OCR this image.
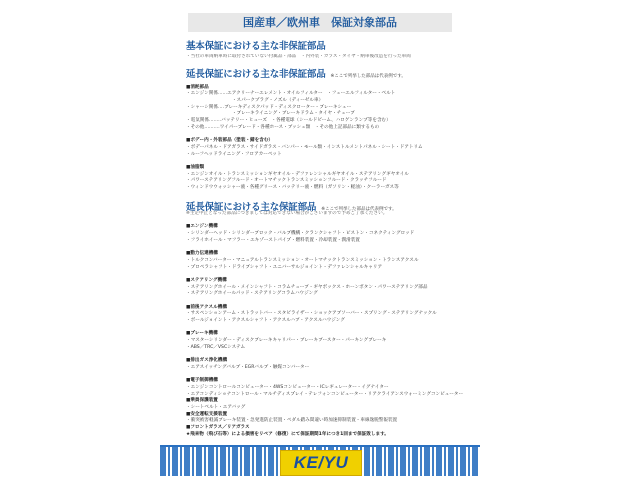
国産車／欧州車　保証対象部品
基本保証における主な非保証部品
・当社の車両納車時に取付されていない付属品・部品　・内外装・ガラス・タイヤ・納車後改造を行った車両
延長保証における主な非保証部品 ※ここで列挙した部品は代表例です。
■消耗部品
・エンジン関係‥‥‥エアクリーナーエレメント・オイルフィルター　・フューエルフィルター・ベルト
　　　　　　　　　　・スパークプラグ・ノズル（ディーゼル車）
・シャーシ関係‥‥ブレーキディスクパッド・ディスクローター・ブレーキシュー
　　　　　　　　　　・ブレーキライニング・ブレーキドラム・タイヤ・チューブ
・電気関係‥‥‥‥バッテリー・ヒューズ　・各種電球（シールドビーム、ハロゲンランプ等を含む）
・その他‥‥‥‥‥ワイパーブレード・各種ホース・ブッシュ類　・その他上記部品に類するもの
■ボデー内・外装部品（塗装・錆を含む）
・ボデーパネル・ドアガラス・サイドガラス・バンパー・モール類・インストルメントパネル・シート・ドアトリム
・ルーフヘッドライニング・フロアカーペット
■油脂類
・エンジンオイル・トランスミッションギヤオイル・デファレンシャルギヤオイル・ステアリングギヤオイル
・パワーステアリングフルード・オートマチックトランスミッションフルード・クラッチフルード
・ウィンドウウォッシャー液・各種グリース・バッテリー液・燃料（ガソリン・軽油）・クーラーガス等
延長保証における主な保証部品 ※ここで列挙した部品は代表例です。
※主定中止となった部品につきましては対応できない場合がございますので予めご了承ください。
■エンジン機構
・シリンダーヘッド・シリンダーブロック・バルブ機構・クランクシャフト・ピストン・コネクティングロッド
・フライホイール・マフラー・エキゾーストパイプ・燃料装置・冷却装置・潤滑装置
■動力伝達機構
・トルクコンバーター・マニュアルトランスミッション・オートマチックトランスミッション・トランスアクスル
・プロペラシャフト・ドライブシャフト・ユニバーサルジョイント・デファレンシャルキャリア
■ステアリング機構
・ステアリングホイール・メインシャフト・コラムチューブ・ギヤボックス・ホーンボタン・パワーステアリング部品
・ステアリングホイールパッド・ステアリングコラムハウジング
■前後アクスル機構
・サスペンションアーム・ストラットバー・スタビライザー・ショックアブソーバー・スプリング・ステアリングナックル
・ボールジョイント・アクスルシャフト・アクスルハブ・アクスルハウジング
■ブレーキ機構
・マスターシリンダー・ディスクブレーキキャリパー・ブレーキブースター・パーキングブレーキ
・ABS／TRC／VSCシステム
■排出ガス浄化機構
・エアスイッチングバルブ・EGRバルブ・触媒コンバーター
■電子制御機構
・エンジンコントロールコンピューター・4WSコンピューター・ICレギュレーター・イグナイター
・エアコンディショナコントロール・マルチディスプレイ・テレフォンコンピューター・リアクライアンスウォーミングコンピューター
■乗員保護装置
・シートベルト・エアバッグ
■安全運転支援装置
・衝突被害軽減ブレーキ装置・急発進防止装置・ペダル踏み間違い時加速抑制装置・車線逸脱警報装置
■フロントガラス／リアガラス
★飛来物（飛び石等）による損害をリペア（修復）にて保証期間1年につき1回まで保証致します。
KE/YU
